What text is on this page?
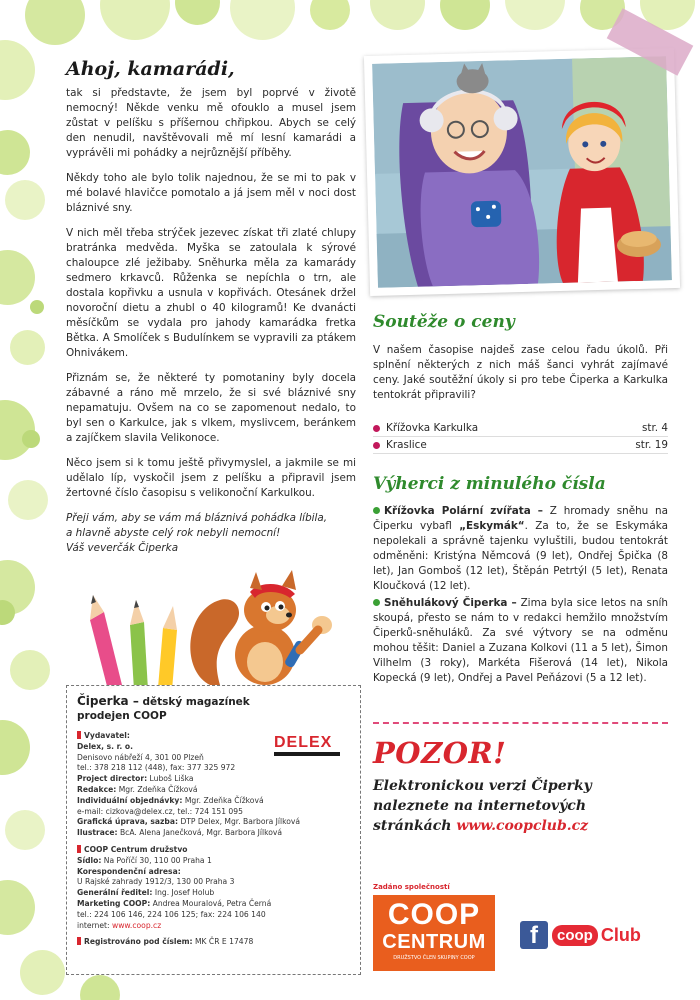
Ahoj, kamarádi,

tak si představte, že jsem byl poprvé v životě nemocný! Někde venku mě ofouklo a musel jsem zůstat v pelíšku s příšernou chřipkou. Abych se celý den nenudil, navštěvovali mě mí lesní kamarádi a vyprávěli mi pohádky a nejrůznější příběhy.

Někdy toho ale bylo tolik najednou, že se mi to pak v mé bolavé hlavičce pomotalo a já jsem měl v noci dost bláznivé sny.

V nich měl třeba strýček jezevec získat tři zlaté chlupy bratránka medvěda. Myška se zatoulala k sýrové chaloupce zlé ježibaby. Sněhurka měla za kamarády sedmero krkavců. Růženka se nepíchla o trn, ale dostala kopřivku a usnula v kopřivách. Otesánek držel novoroční dietu a zhubl o 40 kilogramů! Ke dvanácti měsíčkům se vydala pro jahody kamarádka fretka Bětka. A Smolíček s Budulínkem se vypravili za ptákem Ohnivákem.

Přiznám se, že některé ty pomotaniny byly docela zábavné a ráno mě mrzelo, že si své bláznivé sny nepamatuju. Ovšem na co se zapomenout nedalo, to byl sen o Karkulce, jak s vlkem, myslivcem, beránkem a zajíčkem slavila Velikonoce.

Něco jsem si k tomu ještě přivymyslel, a jakmile se mi udělalo líp, vyskočil jsem z pelíšku a připravil jsem žertovné číslo časopisu s velikonoční Karkulkou.

Přeji vám, aby se vám má bláznivá pohádka líbila,

a hlavně abyste celý rok nebyli nemocní!

Váš veverčák Čiperka

Čiperka – dětský magazínek
prodejen COOP
DELEX
Vydavatel:
Delex, s. r. o.
Denisovo nábřeží 4, 301 00 Plzeň
tel.: 378 218 112 (448), fax: 377 325 972
Project director: Luboš Liška
Redakce: Mgr. Zdeňka Čížková
Individuální objednávky: Mgr. Zdeňka Čížková
e-mail: cizkova@delex.cz, tel.: 724 151 095
Grafická úprava, sazba: DTP Delex, Mgr. Barbora Jílková
Ilustrace: BcA. Alena Janečková, Mgr. Barbora Jílková
COOP Centrum družstvo
Sídlo: Na Poříčí 30, 110 00 Praha 1
Korespondenční adresa:
U Rajské zahrady 1912/3, 130 00 Praha 3
Generální ředitel: Ing. Josef Holub
Marketing COOP: Andrea Mouralová, Petra Černá
tel.: 224 106 146, 224 106 125; fax: 224 106 140
internet: www.coop.cz
Registrováno pod číslem: MK ČR E 17478
Soutěže o ceny
V našem časopise najdeš zase celou řadu úkolů. Při splnění některých z nich máš šanci vyhrát zajímavé ceny. Jaké soutěžní úkoly si pro tebe Čiperka a Karkulka tentokrát připravili?
Křížovka Karkulka	str. 4
Kraslice	str. 19
Výherci z minulého čísla

Křížovka Polární zvířata – Z hromady sněhu na Čiperku vybafl „Eskymák“. Za to, že se Eskymáka nepolekali a správně tajenku vyluštili, budou tentokrát odměněni: Kristýna Němcová (9 let), Ondřej Špička (8 let), Jan Gomboš (12 let), Štěpán Petrtýl (5 let), Renata Kloučková (12 let).

Sněhulákový Čiperka – Zima byla sice letos na sníh skoupá, přesto se nám to v redakci hemžilo množstvím Čiperků-sněhuláků. Za své výtvory se na odměnu mohou těšit: Daniel a Zuzana Kolkovi (11 a 5 let), Šimon Vilhelm (3 roky), Markéta Fišerová (14 let), Nikola Kopecká (9 let), Ondřej a Pavel Peňázovi (5 a 12 let).

POZOR!
Elektronickou verzi Čiperky
naleznete na internetových
stránkách www.coopclub.cz
Zadáno společností
COOP
CENTRUM
DRUŽSTVO ČLEN SKUPINY COOP
f	coop Club
